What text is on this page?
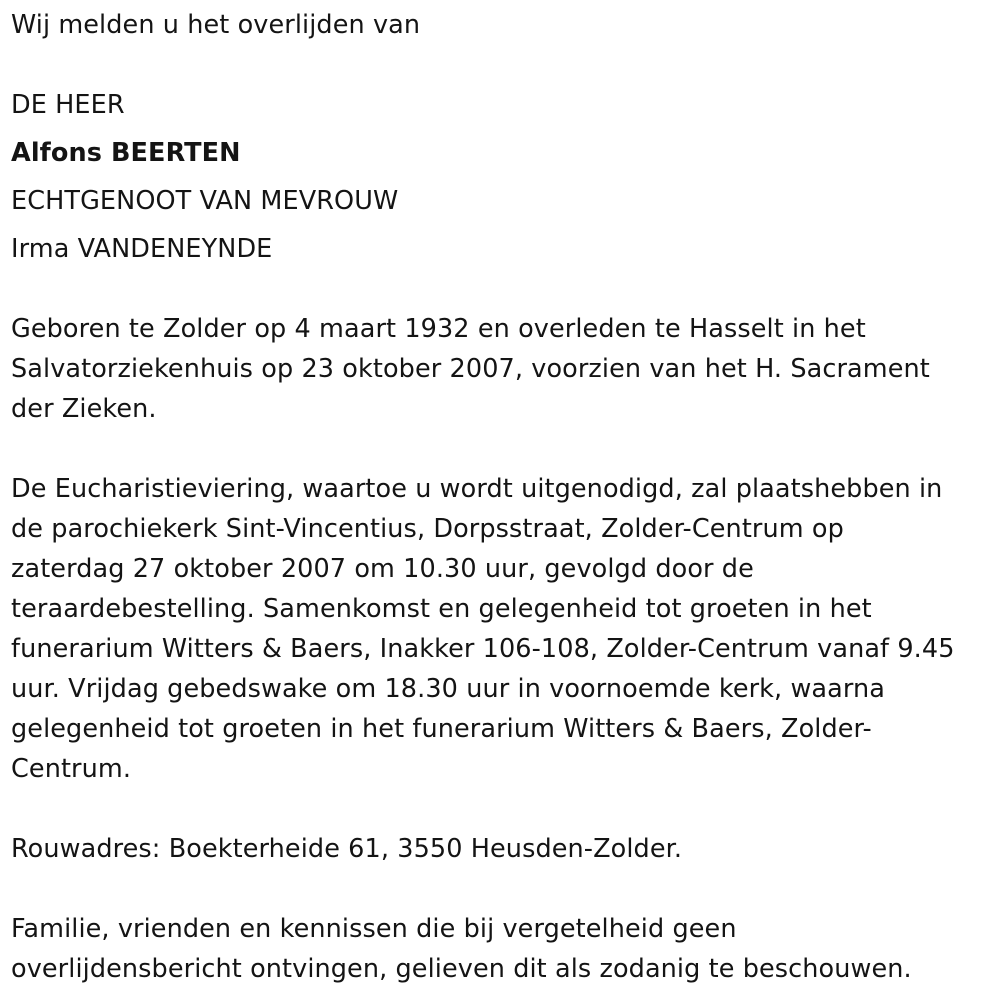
Wij melden u het overlijden van
DE HEER
Alfons BEERTEN
ECHTGENOOT VAN MEVROUW
Irma VANDENEYNDE
Geboren te Zolder op 4 maart 1932 en overleden te Hasselt in het
Salvatorziekenhuis op 23 oktober 2007, voorzien van het H. Sacrament
der Zieken.
De Eucharistieviering, waartoe u wordt uitgenodigd, zal plaatshebben in
de parochiekerk Sint-Vincentius, Dorpsstraat, Zolder-Centrum op
zaterdag 27 oktober 2007 om 10.30 uur, gevolgd door de
teraardebestelling. Samenkomst en gelegenheid tot groeten in het
funerarium Witters & Baers, Inakker 106-108, Zolder-Centrum vanaf 9.45
uur. Vrijdag gebedswake om 18.30 uur in voornoemde kerk, waarna
gelegenheid tot groeten in het funerarium Witters & Baers, Zolder-
Centrum.
Rouwadres: Boekterheide 61, 3550 Heusden-Zolder.
Familie, vrienden en kennissen die bij vergetelheid geen
overlijdensbericht ontvingen, gelieven dit als zodanig te beschouwen.
